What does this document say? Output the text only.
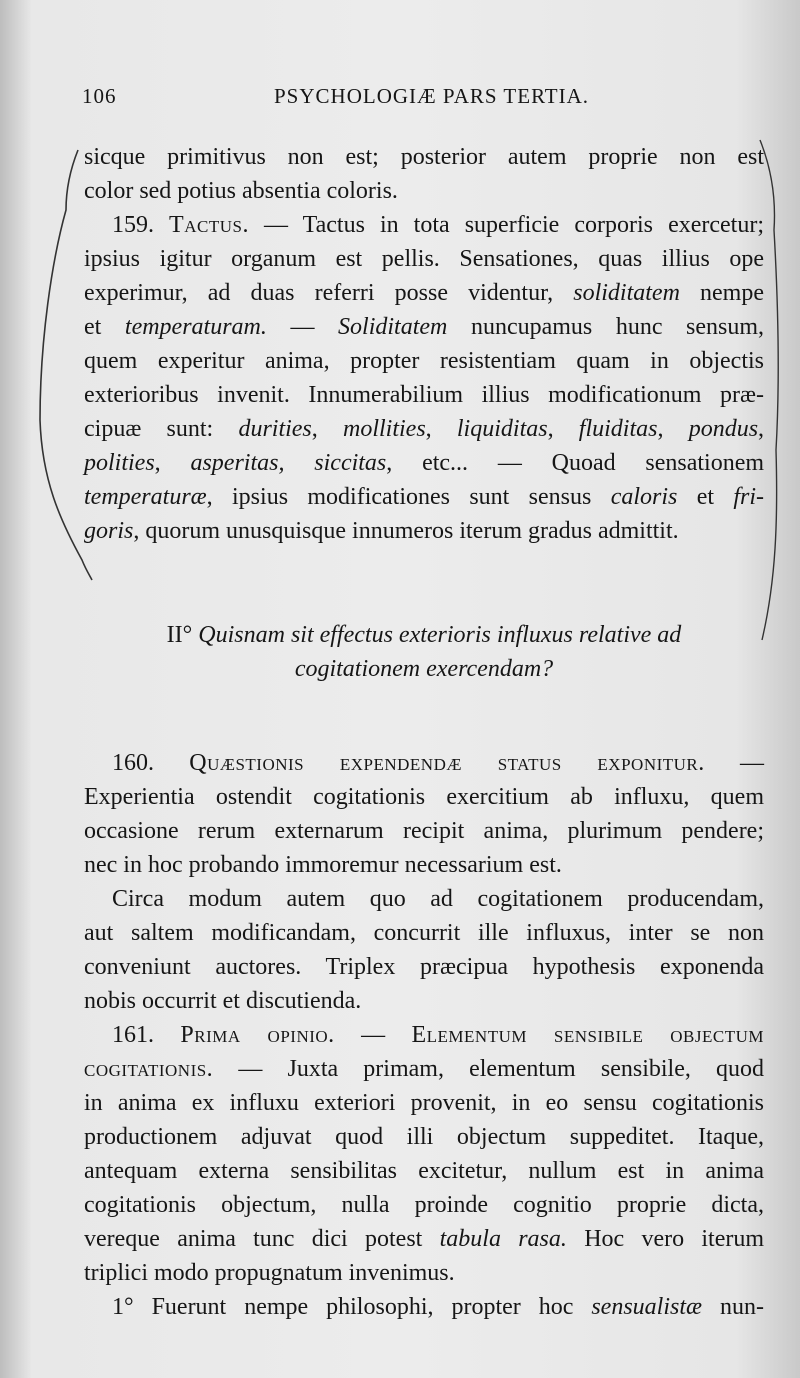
106	PSYCHOLOGIÆ PARS TERTIA.
sicque primitivus non est; posterior autem proprie non est
color sed potius absentia coloris.
159. Tactus. — Tactus in tota superficie corporis exercetur;
ipsius igitur organum est pellis. Sensationes, quas illius ope
experimur, ad duas referri posse videntur, soliditatem nempe
et temperaturam. — Soliditatem nuncupamus hunc sensum,
quem experitur anima, propter resistentiam quam in objectis
exterioribus invenit. Innumerabilium illius modificationum præ-
cipuæ sunt: durities, mollities, liquiditas, fluiditas, pondus,
polities, asperitas, siccitas, etc... — Quoad sensationem
temperaturæ, ipsius modificationes sunt sensus caloris et fri-
goris, quorum unusquisque innumeros iterum gradus admittit.
II° Quisnam sit effectus exterioris influxus relative ad
cogitationem exercendam?
160. Quæstionis expendendæ status exponitur. —
Experientia ostendit cogitationis exercitium ab influxu, quem
occasione rerum externarum recipit anima, plurimum pendere;
nec in hoc probando immoremur necessarium est.
Circa modum autem quo ad cogitationem producendam,
aut saltem modificandam, concurrit ille influxus, inter se non
conveniunt auctores. Triplex præcipua hypothesis exponenda
nobis occurrit et discutienda.
161. Prima opinio. — Elementum sensibile objectum
cogitationis. — Juxta primam, elementum sensibile, quod
in anima ex influxu exteriori provenit, in eo sensu cogitationis
productionem adjuvat quod illi objectum suppeditet. Itaque,
antequam externa sensibilitas excitetur, nullum est in anima
cogitationis objectum, nulla proinde cognitio proprie dicta,
vereque anima tunc dici potest tabula rasa. Hoc vero iterum
triplici modo propugnatum invenimus.
1° Fuerunt nempe philosophi, propter hoc sensualistæ nun-
